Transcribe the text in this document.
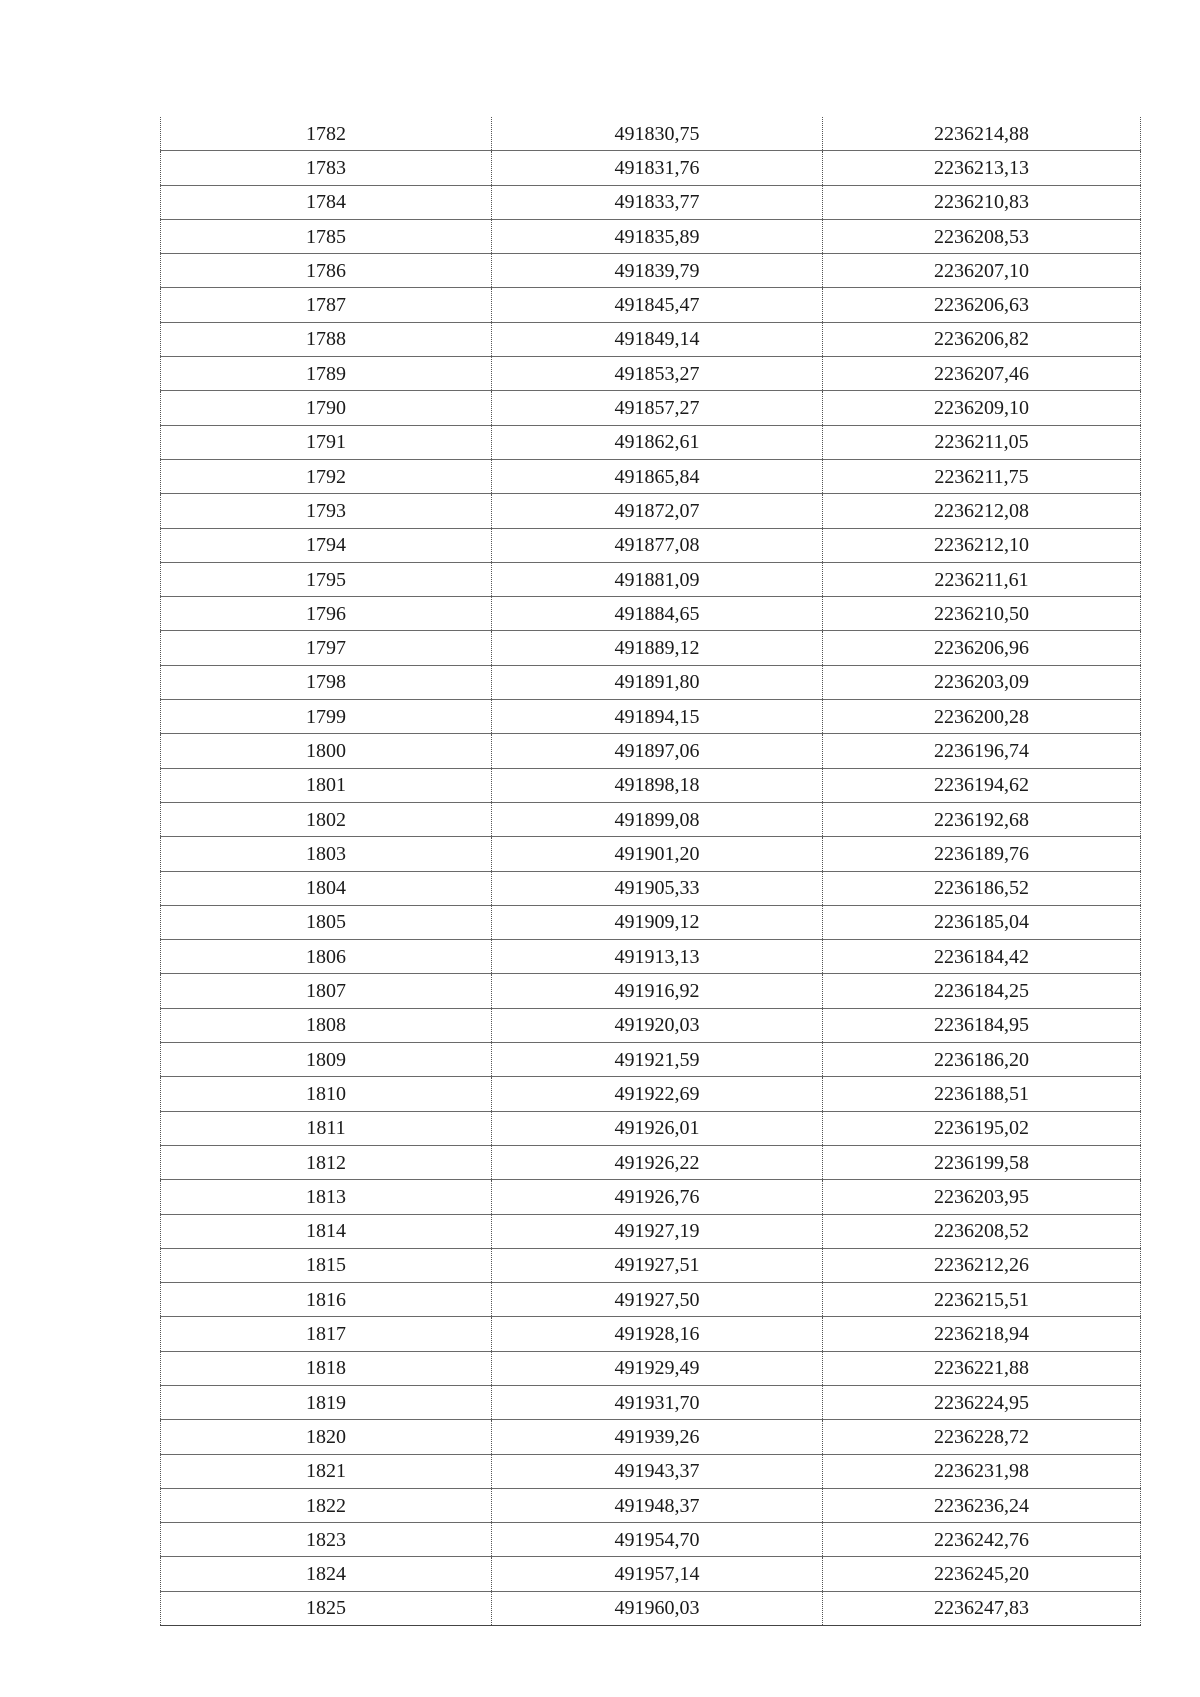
1782	491830,75	2236214,88
1783	491831,76	2236213,13
1784	491833,77	2236210,83
1785	491835,89	2236208,53
1786	491839,79	2236207,10
1787	491845,47	2236206,63
1788	491849,14	2236206,82
1789	491853,27	2236207,46
1790	491857,27	2236209,10
1791	491862,61	2236211,05
1792	491865,84	2236211,75
1793	491872,07	2236212,08
1794	491877,08	2236212,10
1795	491881,09	2236211,61
1796	491884,65	2236210,50
1797	491889,12	2236206,96
1798	491891,80	2236203,09
1799	491894,15	2236200,28
1800	491897,06	2236196,74
1801	491898,18	2236194,62
1802	491899,08	2236192,68
1803	491901,20	2236189,76
1804	491905,33	2236186,52
1805	491909,12	2236185,04
1806	491913,13	2236184,42
1807	491916,92	2236184,25
1808	491920,03	2236184,95
1809	491921,59	2236186,20
1810	491922,69	2236188,51
1811	491926,01	2236195,02
1812	491926,22	2236199,58
1813	491926,76	2236203,95
1814	491927,19	2236208,52
1815	491927,51	2236212,26
1816	491927,50	2236215,51
1817	491928,16	2236218,94
1818	491929,49	2236221,88
1819	491931,70	2236224,95
1820	491939,26	2236228,72
1821	491943,37	2236231,98
1822	491948,37	2236236,24
1823	491954,70	2236242,76
1824	491957,14	2236245,20
1825	491960,03	2236247,83
